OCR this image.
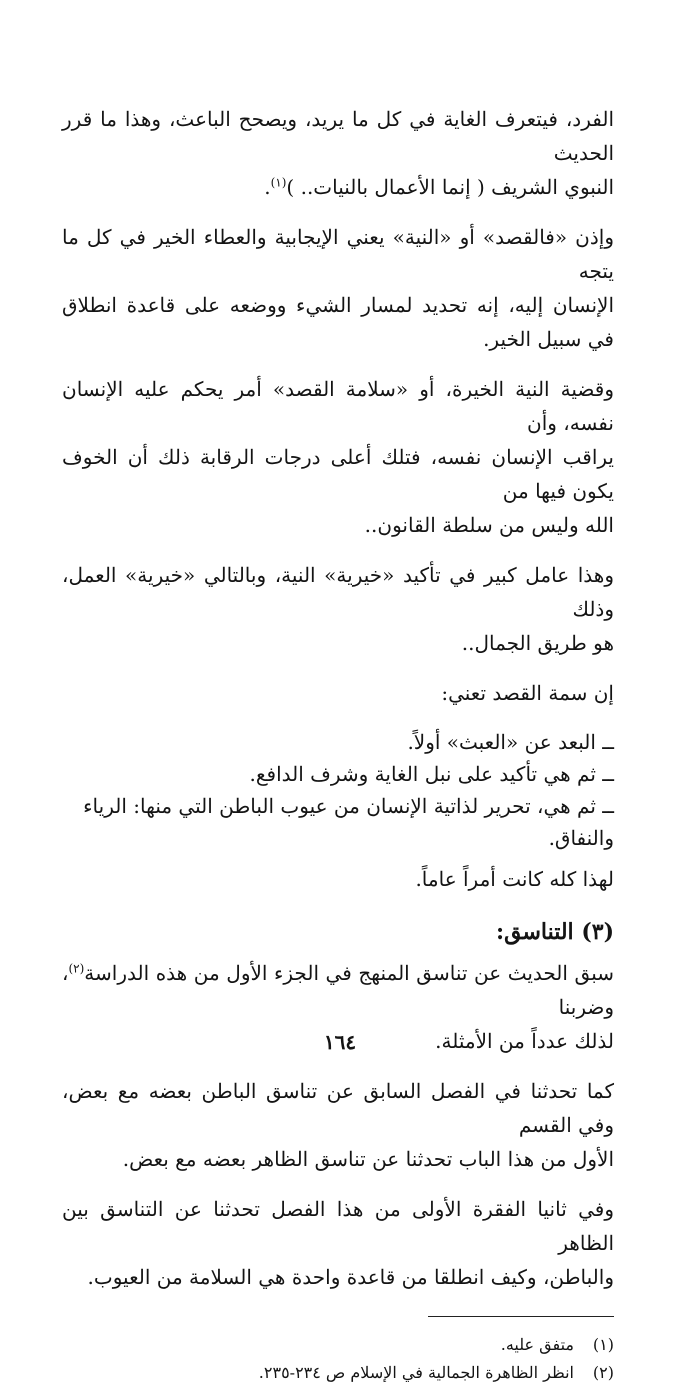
الفرد، فيتعرف الغاية في كل ما يريد، ويصحح الباعث، وهذا ما قرر الحديث
النبوي الشريف ( إنما الأعمال بالنيات.. )$^{(١)}$.

وإذن «فالقصد» أو «النية» يعني الإيجابية والعطاء الخير في كل ما يتجه
الإنسان إليه، إنه تحديد لمسار الشيء ووضعه على قاعدة انطلاق في سبيل الخير.

وقضية النية الخيرة، أو «سلامة القصد» أمر يحكم عليه الإنسان نفسه، وأن
يراقب الإنسان نفسه، فتلك أعلى درجات الرقابة ذلك أن الخوف يكون فيها من
الله وليس من سلطة القانون..

وهذا عامل كبير في تأكيد «خيرية» النية، وبالتالي «خيرية» العمل، وذلك
هو طريق الجمال..

إن سمة القصد تعني:

ــ البعد عن «العبث» أولاً.
ــ ثم هي تأكيد على نبل الغاية وشرف الدافع.
ــ ثم هي، تحرير لذاتية الإنسان من عيوب الباطن التي منها: الرياء والنفاق.

لهذا كله كانت أمراً عاماً.

(٣) التناسق:

سبق الحديث عن تناسق المنهج في الجزء الأول من هذه الدراسة$^{(٢)}$، وضربنا
لذلك عدداً من الأمثلة.

كما تحدثنا في الفصل السابق عن تناسق الباطن بعضه مع بعض، وفي القسم
الأول من هذا الباب تحدثنا عن تناسق الظاهر بعضه مع بعض.

وفي ثانيا الفقرة الأولى من هذا الفصل تحدثنا عن التناسق بين الظاهر
والباطن، وكيف انطلقا من قاعدة واحدة هي السلامة من العيوب.

(١)
متفق عليه.
(٢)
انظر الظاهرة الجمالية في الإسلام ص ٢٣٤-٢٣٥.
١٦٤
